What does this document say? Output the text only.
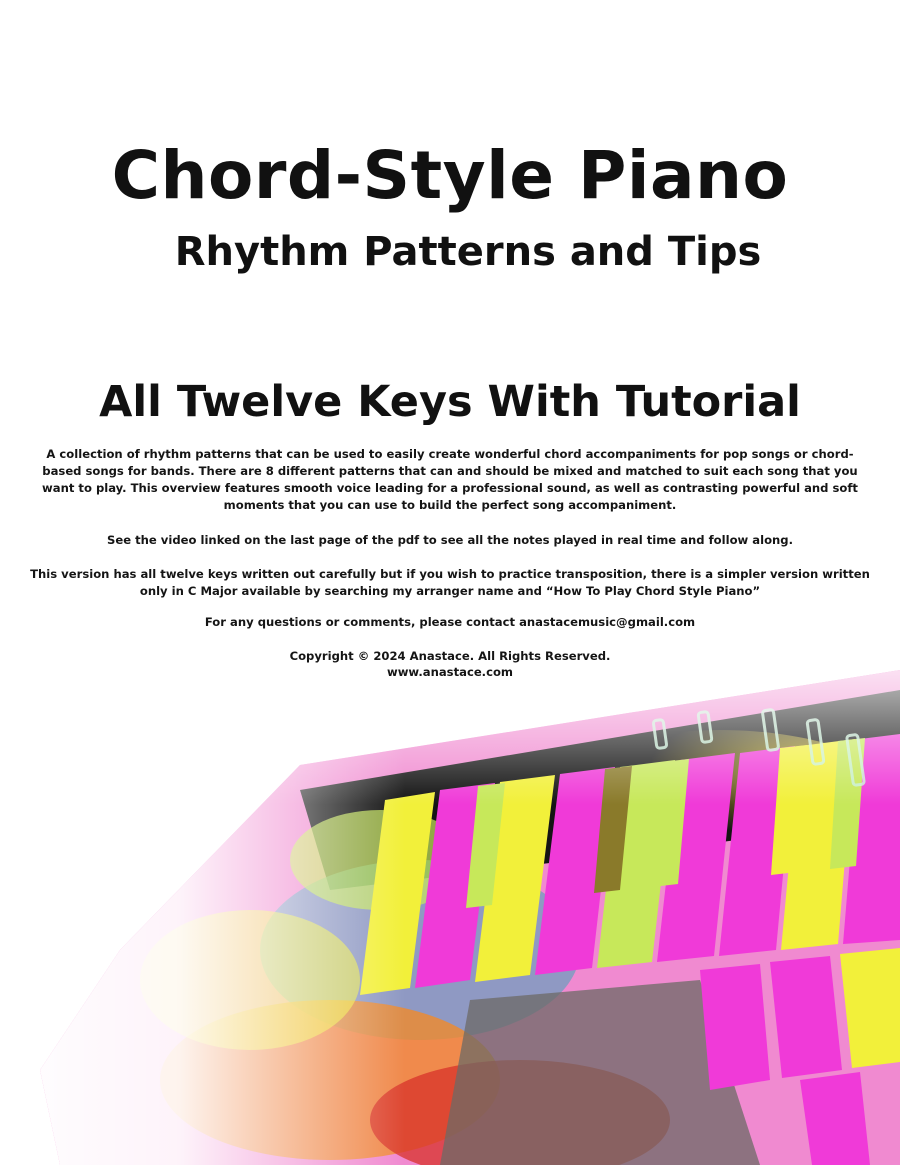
Chord-Style Piano
Rhythm Patterns and Tips
All Twelve Keys With Tutorial

A collection of rhythm patterns that can be used to easily create wonderful chord accompaniments for pop songs or chord-based songs for bands. There are 8 different patterns that can and should be mixed and matched to suit each song that you want to play. This overview features smooth voice leading for a professional sound, as well as contrasting powerful and soft moments that you can use to build the perfect song accompaniment.

See the video linked on the last page of the pdf to see all the notes played in real time and follow along.

This version has all twelve keys written out carefully but if you wish to practice transposition, there is a simpler version written only in C Major available by searching my arranger name and “How To Play Chord Style Piano”

For any questions or comments, please contact anastacemusic@gmail.com

Copyright © 2024 Anastace. All Rights Reserved.

www.anastace.com
